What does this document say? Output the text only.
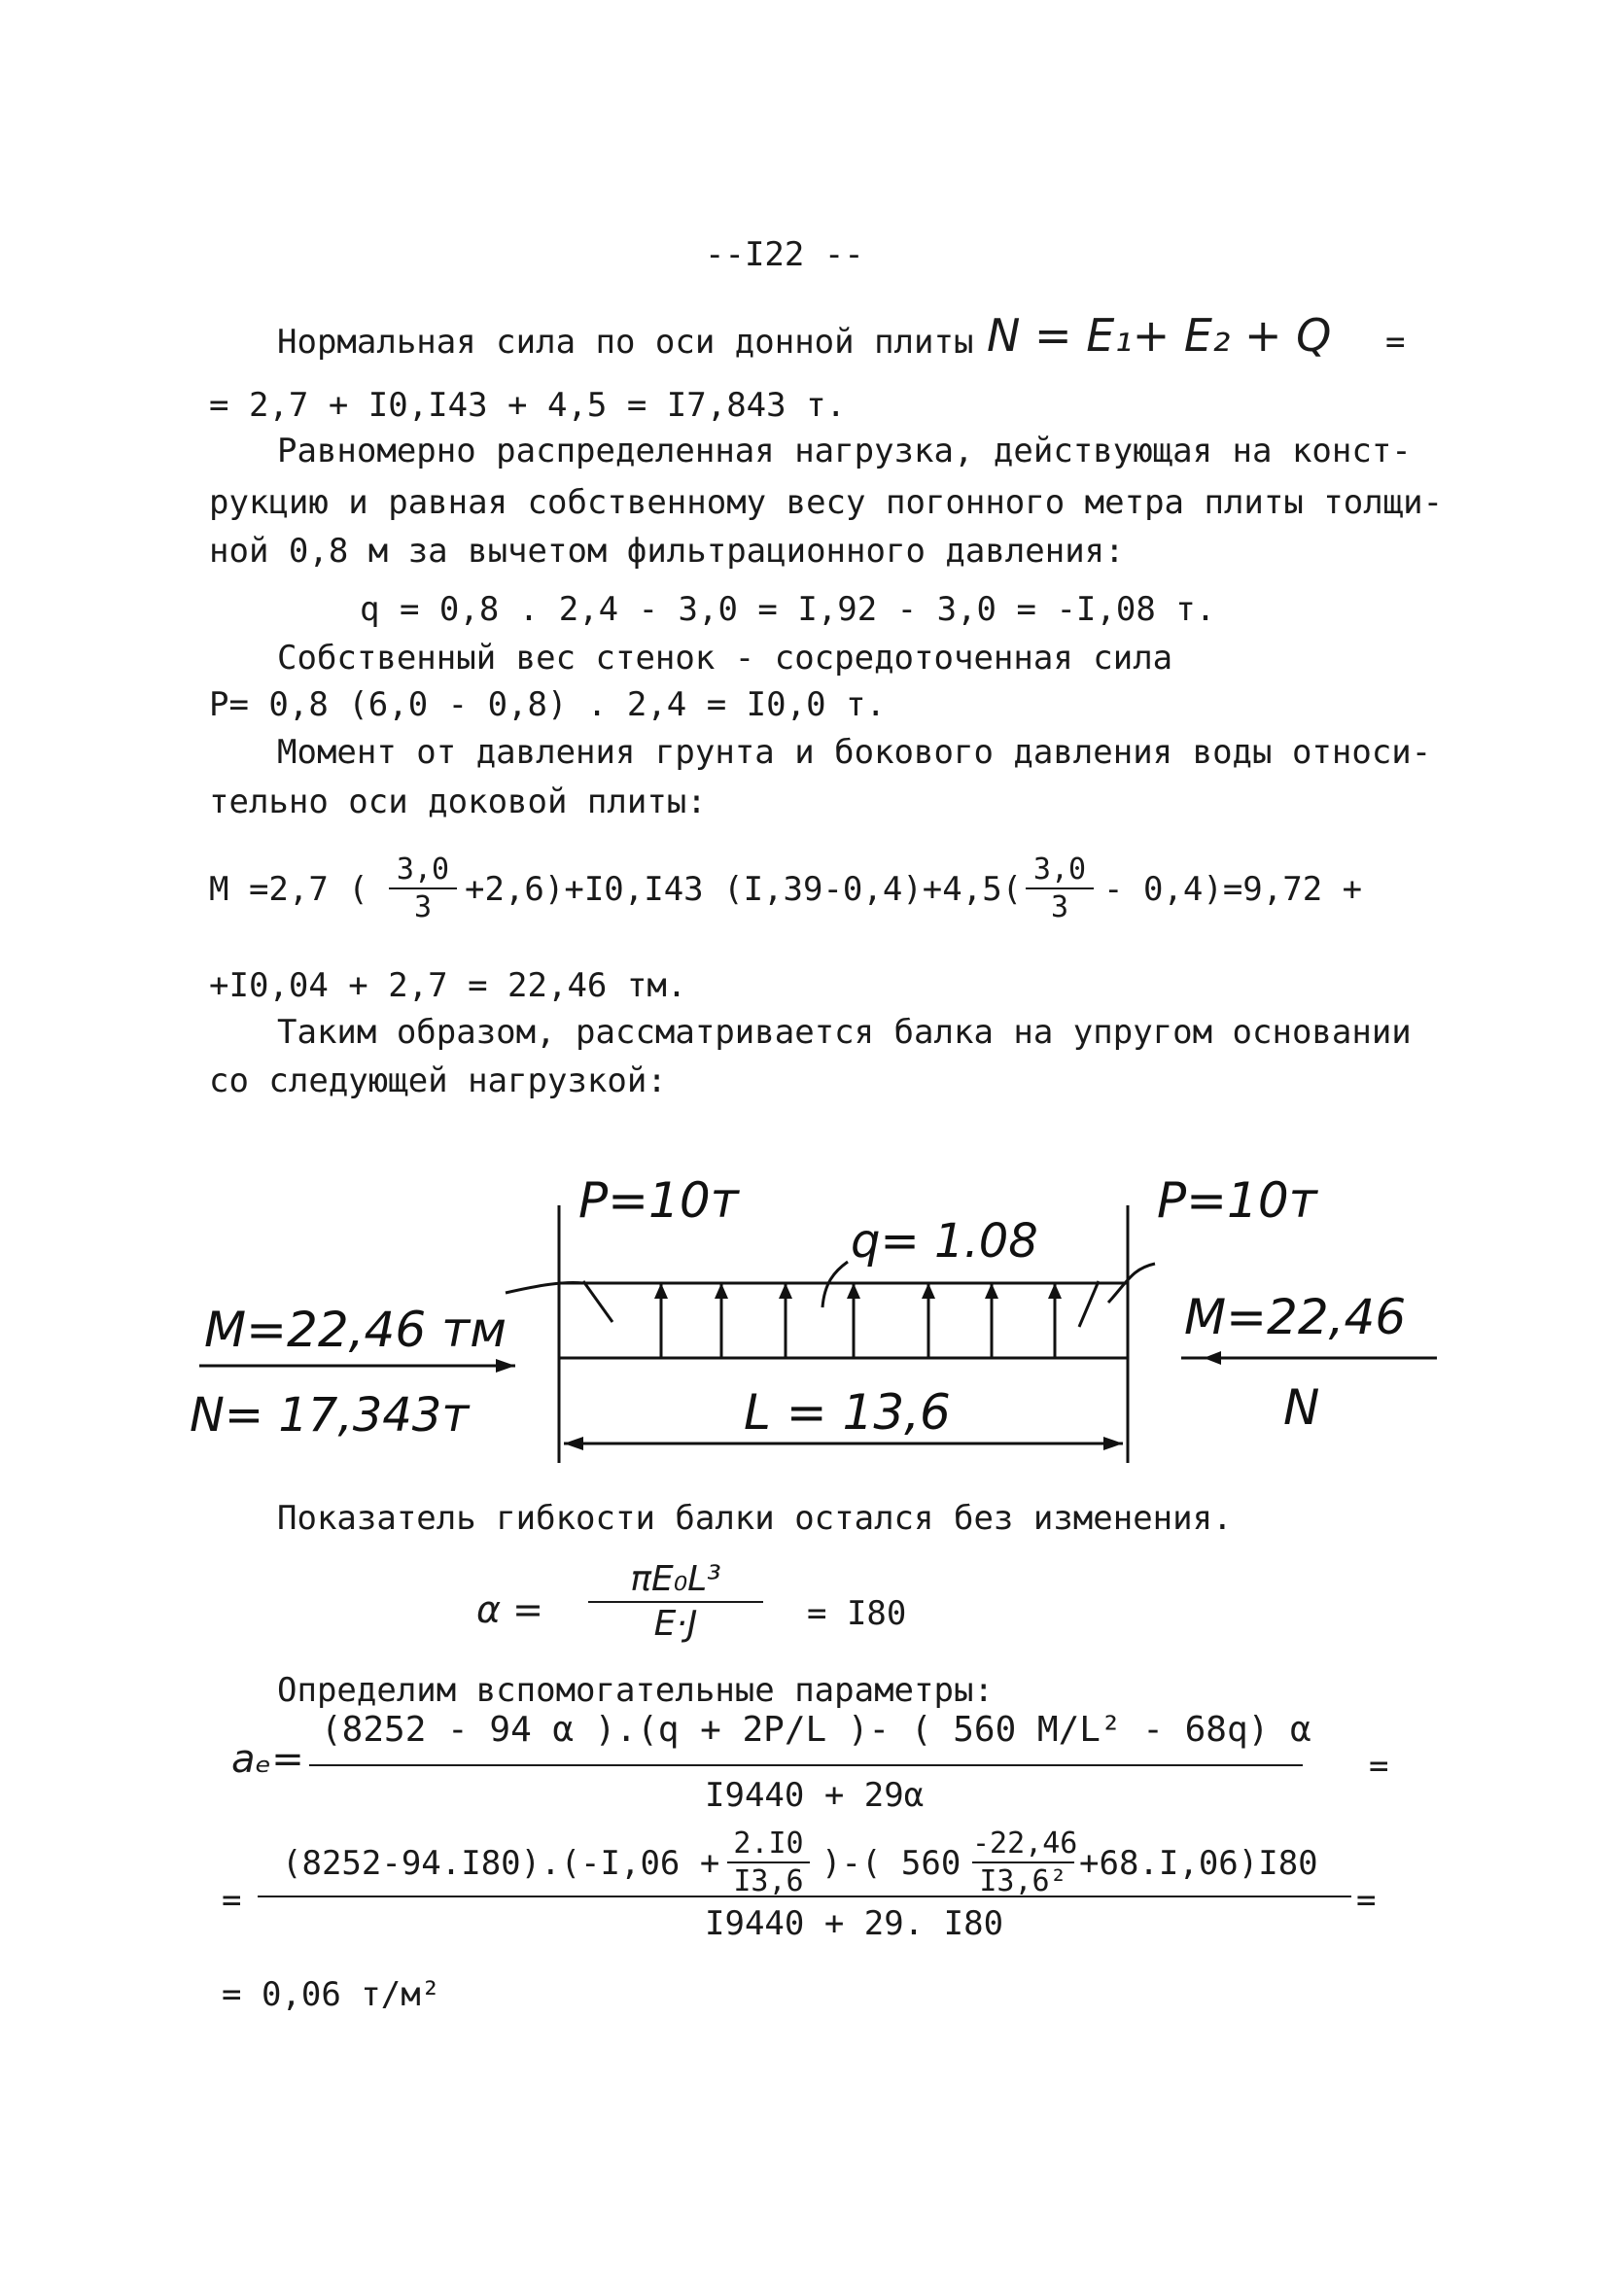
--I22 --
Нормальная сила по оси донной плиты N = E₁+ E₂ + Q =
= 2,7 + I0,I43 + 4,5 = I7,843 т.
Равномерно распределенная нагрузка, действующая на конст-
рукцию и равная собственному весу погонного метра плиты толщи-
ной 0,8 м за вычетом фильтрационного давления:
q = 0,8 . 2,4 - 3,0 = I,92 - 3,0 = -I,08 т.
Собственный вес стенок - сосредоточенная сила
P= 0,8 (6,0 - 0,8) . 2,4 = I0,0 т.
Момент от давления грунта и бокового давления воды относи-
тельно оси доковой плиты:
M =2,7 (
3,0
3 +2,6)+I0,I43 (I,39-0,4)+4,5(
3,0
3	- 0,4)=9,72 +
+I0,04 + 2,7 = 22,46 тм.
Таким образом, рассматривается балка на упругом основании
со следующей нагрузкой:
P=10т	P=10т
q= 1.08
M=22,46 тм
N= 17,343т
M=22,46
N
L = 13,6
Показатель гибкости балки остался без изменения.
α =
πE₀L³
E·J	= I80
Определим вспомогательные параметры:
aₑ=
(8252 - 94 α ).(q + 2P/L )- ( 560 M/L² - 68q) α
I9440 + 29α
=
=
(8252-94.I80).(-I,06 +
2.I0
I3,6 )-( 560
-22,46
I3,6² +68.I,06)I80
I9440 + 29. I80
=
= 0,06 т/м²
